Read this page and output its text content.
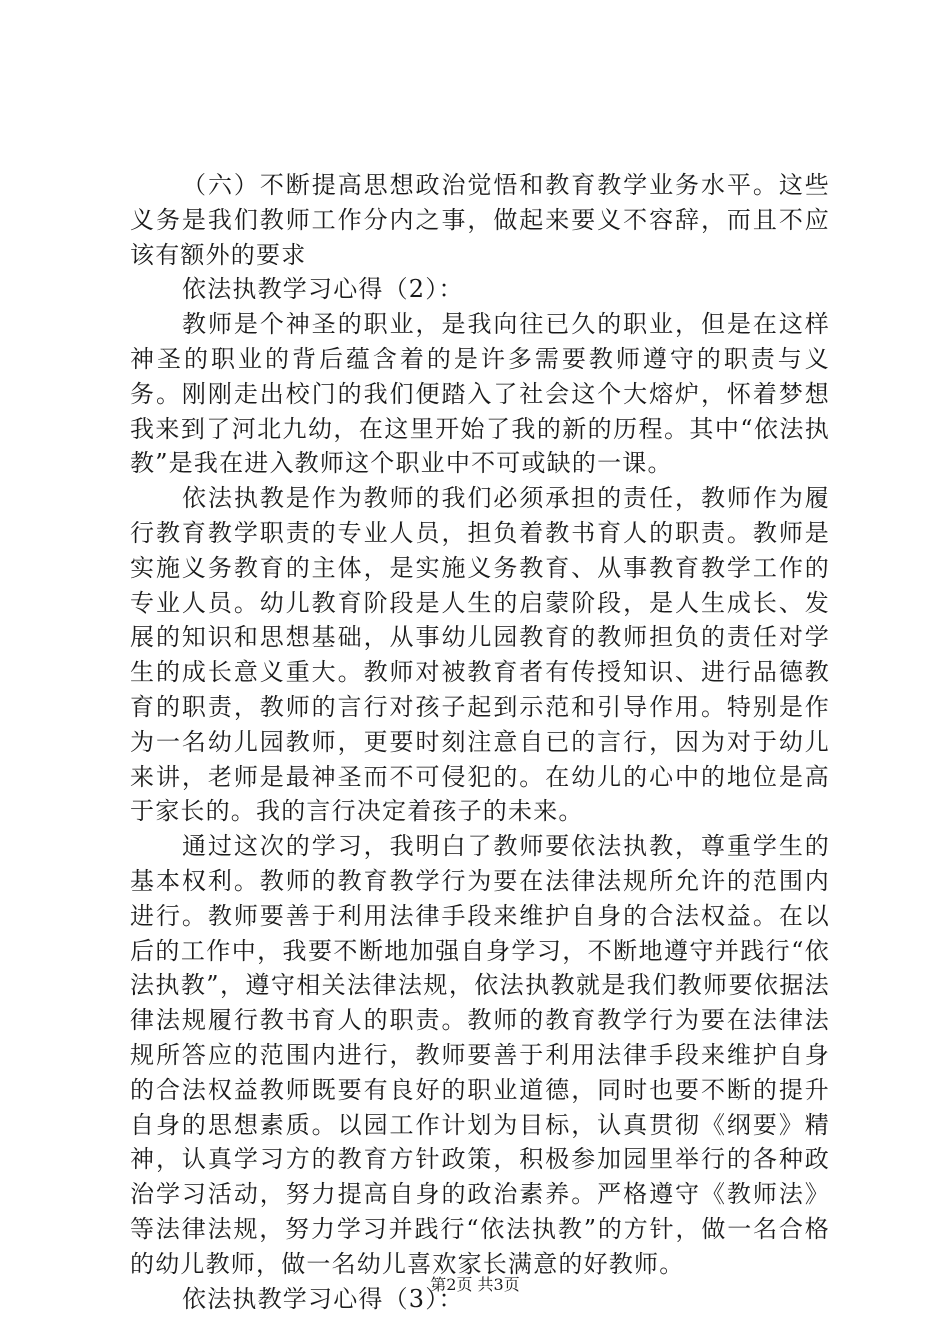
（六）不断提高思想政治觉悟和教育教学业务水平。这些义务是我们教师工作分内之事，做起来要义不容辞，而且不应该有额外的要求

依法执教学习心得（2）：

教师是个神圣的职业，是我向往已久的职业，但是在这样神圣的职业的背后蕴含着的是许多需要教师遵守的职责与义务。刚刚走出校门的我们便踏入了社会这个大熔炉，怀着梦想我来到了河北九幼，在这里开始了我的新的历程。其中“依法执教”是我在进入教师这个职业中不可或缺的一课。

依法执教是作为教师的我们必须承担的责任，教师作为履行教育教学职责的专业人员，担负着教书育人的职责。教师是实施义务教育的主体，是实施义务教育、从事教育教学工作的专业人员。幼儿教育阶段是人生的启蒙阶段，是人生成长、发展的知识和思想基础，从事幼儿园教育的教师担负的责任对学生的成长意义重大。教师对被教育者有传授知识、进行品德教育的职责，教师的言行对孩子起到示范和引导作用。特别是作为一名幼儿园教师，更要时刻注意自已的言行，因为对于幼儿来讲，老师是最神圣而不可侵犯的。在幼儿的心中的地位是高于家长的。我的言行决定着孩子的未来。

通过这次的学习，我明白了教师要依法执教，尊重学生的基本权利。教师的教育教学行为要在法律法规所允许的范围内进行。教师要善于利用法律手段来维护自身的合法权益。在以后的工作中，我要不断地加强自身学习，不断地遵守并践行“依法执教”，遵守相关法律法规，依法执教就是我们教师要依据法律法规履行教书育人的职责。教师的教育教学行为要在法律法规所答应的范围内进行，教师要善于利用法律手段来维护自身的合法权益教师既要有良好的职业道德，同时也要不断的提升自身的思想素质。以园工作计划为目标，认真贯彻《纲要》精神，认真学习方的教育方针政策，积极参加园里举行的各种政治学习活动，努力提高自身的政治素养。严格遵守《教师法》等法律法规，努力学习并践行“依法执教”的方针，做一名合格的幼儿教师，做一名幼儿喜欢家长满意的好教师。

依法执教学习心得（3）：

第2页 共3页
